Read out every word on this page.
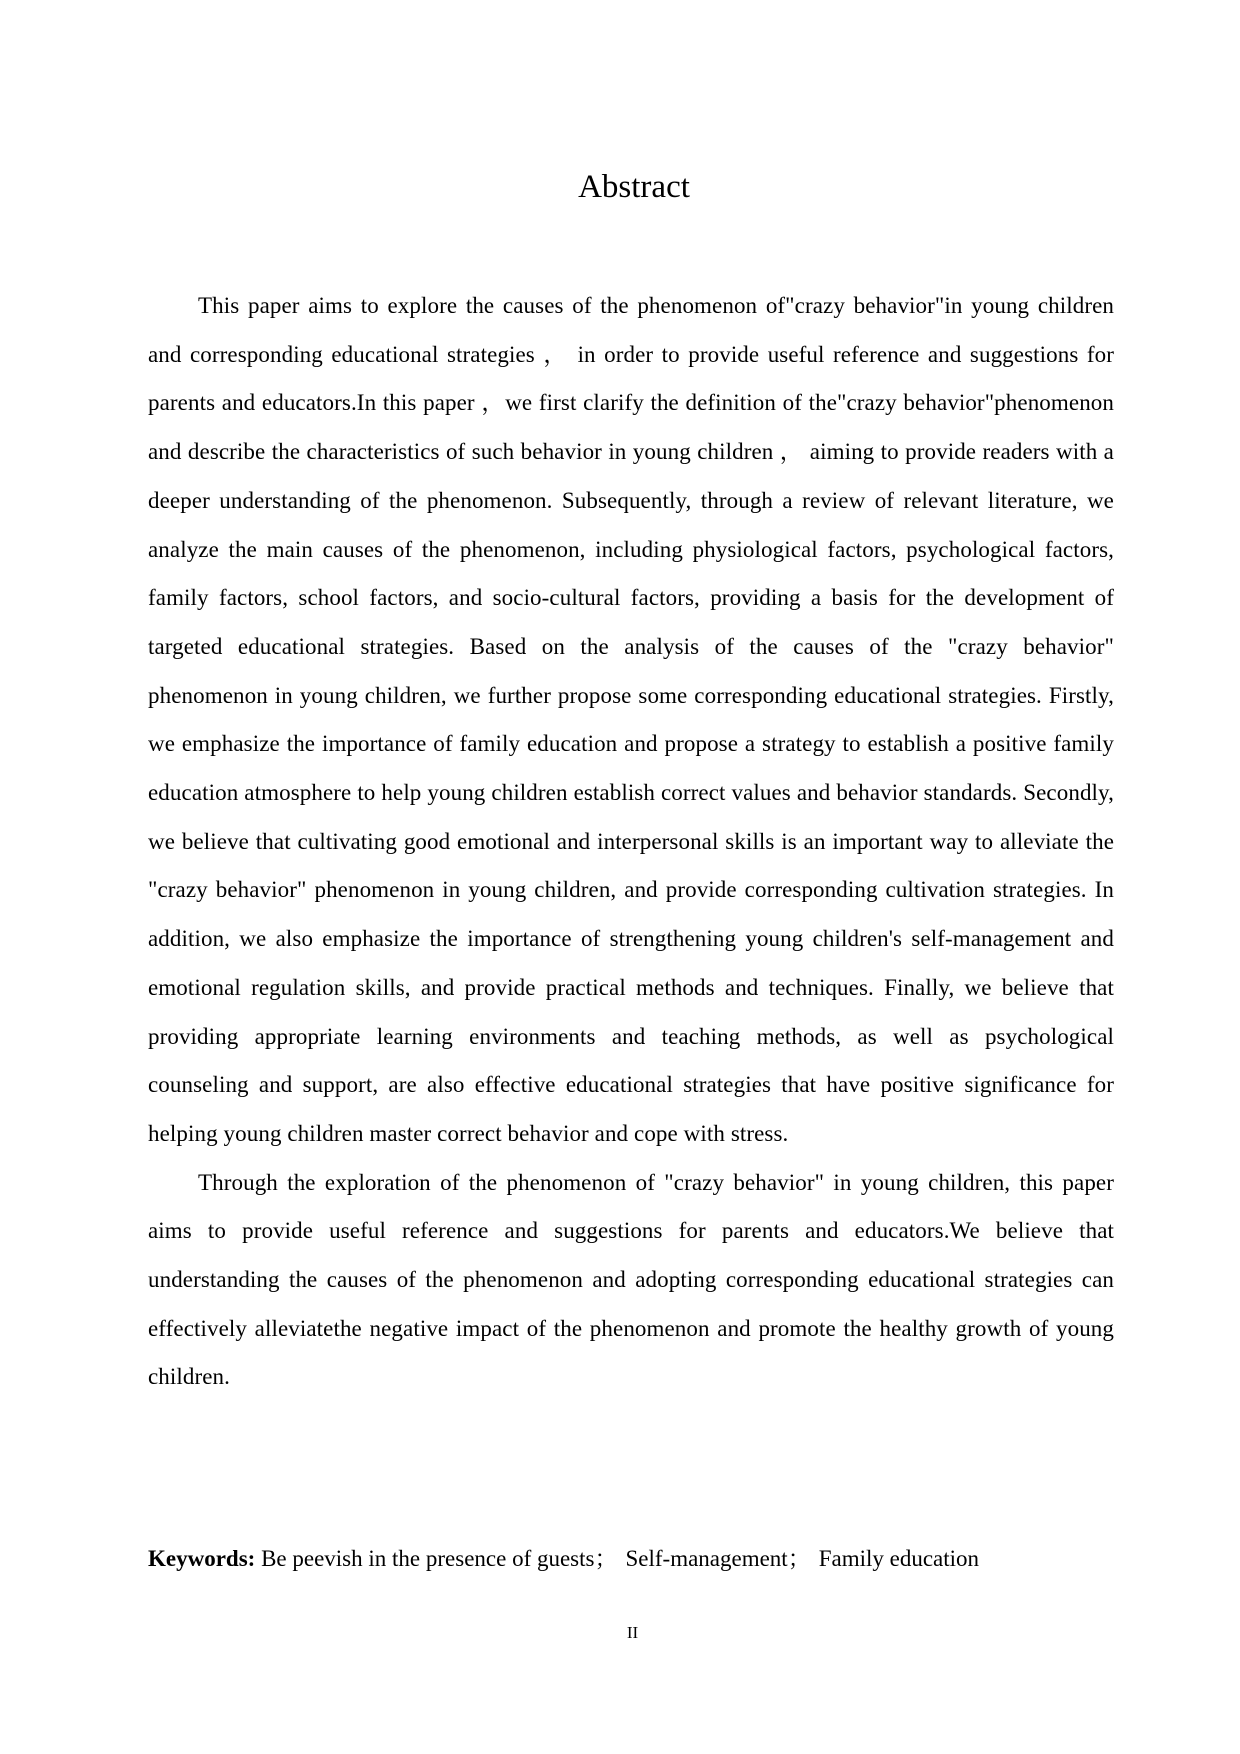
Abstract

This paper aims to explore the causes of the phenomenon of"crazy behavior"in young children and corresponding educational strategies ， in order to provide useful reference and suggestions for parents and educators.In this paper ，we first clarify the definition of the"crazy behavior"phenomenon and describe the characteristics of such behavior in young children ， aiming to provide readers with a deeper understanding of the phenomenon. Subsequently, through a review of relevant literature, we analyze the main causes of the phenomenon, including physiological factors, psychological factors, family factors, school factors, and socio-cultural factors, providing a basis for the development of targeted educational strategies. Based on the analysis of the causes of the "crazy behavior" phenomenon in young children, we further propose some corresponding educational strategies. Firstly, we emphasize the importance of family education and propose a strategy to establish a positive family education atmosphere to help young children establish correct values and behavior standards. Secondly, we believe that cultivating good emotional and interpersonal skills is an important way to alleviate the "crazy behavior" phenomenon in young children, and provide corresponding cultivation strategies. In addition, we also emphasize the importance of strengthening young children's self-management and emotional regulation skills, and provide practical methods and techniques. Finally, we believe that providing appropriate learning environments and teaching methods, as well as psychological counseling and support, are also effective educational strategies that have positive significance for helping young children master correct behavior and cope with stress.

Through the exploration of the phenomenon of "crazy behavior" in young children, this paper aims to provide useful reference and suggestions for parents and educators.We believe that understanding the causes of the phenomenon and adopting corresponding educational strategies can effectively alleviatethe negative impact of the phenomenon and promote the healthy growth of young children.

Keywords: Be peevish in the presence of guests； Self-management； Family education

II
